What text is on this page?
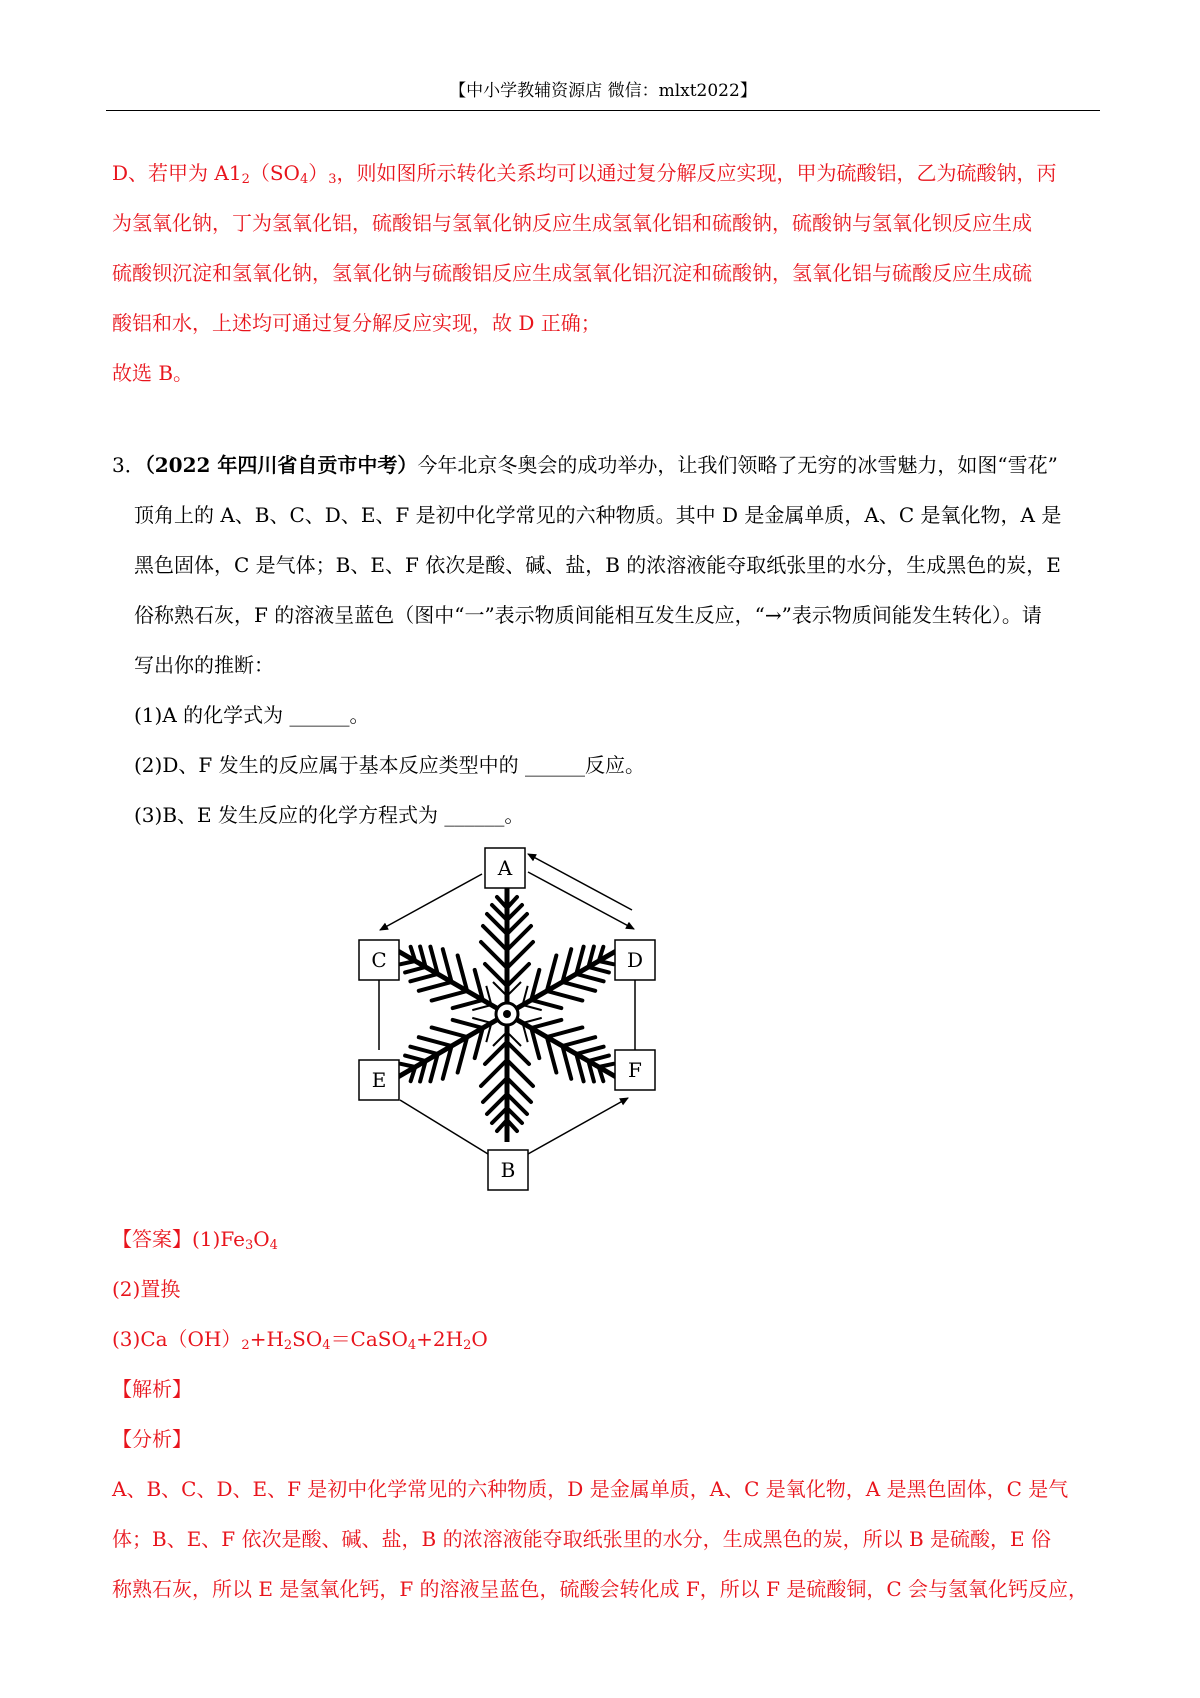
【中小学教辅资源店 微信：mlxt2022】
D、若甲为 $A1_2(SO_4)_3$，则如图所示转化关系均可以通过复分解反应实现，甲为硫酸铝，乙为硫酸钠，丙
为氢氧化钠，丁为氢氧化铝，硫酸铝与氢氧化钠反应生成氢氧化铝和硫酸钠，硫酸钠与氢氧化钡反应生成
硫酸钡沉淀和氢氧化钠，氢氧化钠与硫酸铝反应生成氢氧化铝沉淀和硫酸钠，氢氧化铝与硫酸反应生成硫
酸铝和水，上述均可通过复分解反应实现，故 D 正确；
故选 B。
3．（2022 年四川省自贡市中考）今年北京冬奥会的成功举办，让我们领略了无穷的冰雪魅力，如图“雪花”
顶角上的 A、B、C、D、E、F 是初中化学常见的六种物质。其中 D 是金属单质，A、C 是氧化物，A 是
黑色固体，C 是气体；B、E、F 依次是酸、碱、盐，B 的浓溶液能夺取纸张里的水分，生成黑色的炭，E
俗称熟石灰，F 的溶液呈蓝色（图中“一”表示物质间能相互发生反应，“→”表示物质间能发生转化）。请
写出你的推断：
(1)A 的化学式为 ______。
(2)D、F 发生的反应属于基本反应类型中的 ______反应。
(3)B、E 发生反应的化学方程式为 ______。
A
D
F
B
E
C
【答案】$(1)Fe_3O_4$
(2)置换
$(3)Ca(OH)_2+H_2SO_4=CaSO_4+2H_2O$
【解析】
【分析】
A、B、C、D、E、F 是初中化学常见的六种物质，D 是金属单质，A、C 是氧化物，A 是黑色固体，C 是气
体；B、E、F 依次是酸、碱、盐，B 的浓溶液能夺取纸张里的水分，生成黑色的炭，所以 B 是硫酸，E 俗
称熟石灰，所以 E 是氢氧化钙，F 的溶液呈蓝色，硫酸会转化成 F，所以 F 是硫酸铜，C 会与氢氧化钙反应，
